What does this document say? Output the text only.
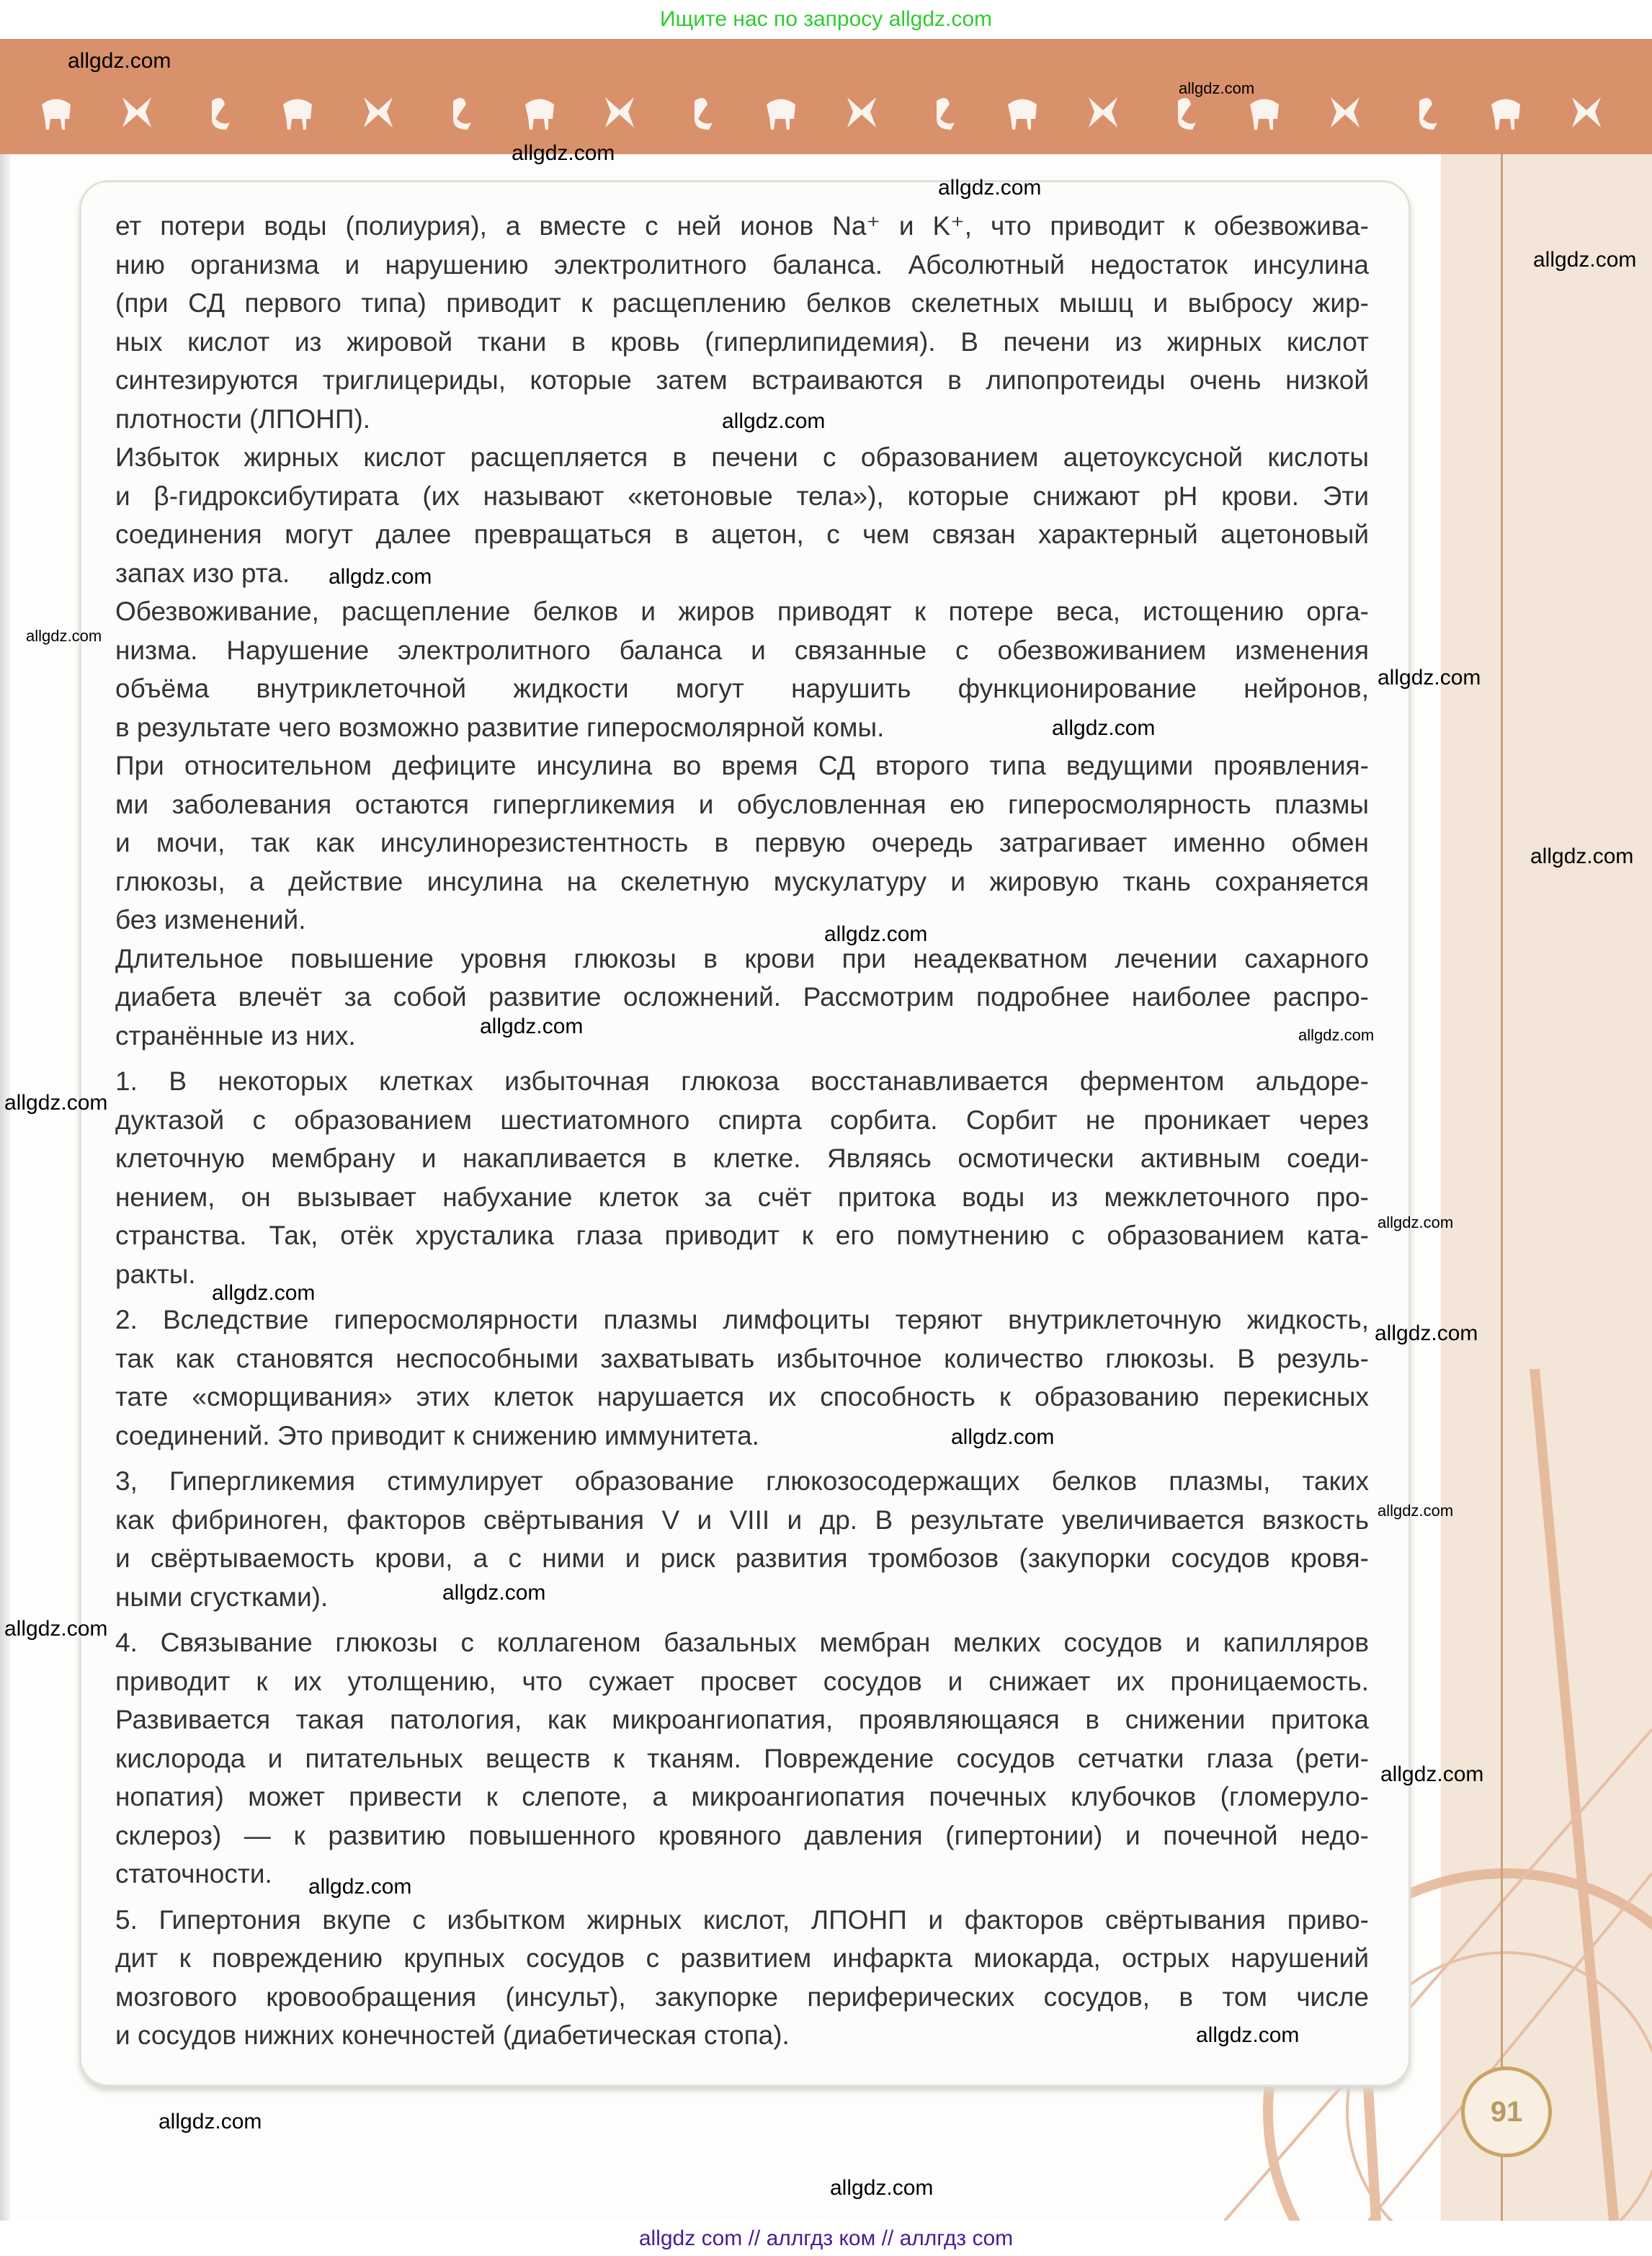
Ищите нас по запросу allgdz.com
ет потери воды (полиурия), а вместе с ней ионов Na⁺ и K⁺, что приводит к обезвожива-
нию организма и нарушению электролитного баланса. Абсолютный недостаток инсулина
(при СД первого типа) приводит к расщеплению белков скелетных мышц и выбросу жир-
ных кислот из жировой ткани в кровь (гиперлипидемия). В печени из жирных кислот
синтезируются триглицериды, которые затем встраиваются в липопротеиды очень низкой
плотности (ЛПОНП).
Избыток жирных кислот расщепляется в печени с образованием ацетоуксусной кислоты
и β-гидроксибутирата (их называют «кетоновые тела»), которые снижают pH крови. Эти
соединения могут далее превращаться в ацетон, с чем связан характерный ацетоновый
запах изо рта.
Обезвоживание, расщепление белков и жиров приводят к потере веса, истощению орга-
низма. Нарушение электролитного баланса и связанные с обезвоживанием изменения
объёма внутриклеточной жидкости могут нарушить функционирование нейронов,
в результате чего возможно развитие гиперосмолярной комы.
При относительном дефиците инсулина во время СД второго типа ведущими проявления-
ми заболевания остаются гипергликемия и обусловленная ею гиперосмолярность плазмы
и мочи, так как инсулинорезистентность в первую очередь затрагивает именно обмен
глюкозы, а действие инсулина на скелетную мускулатуру и жировую ткань сохраняется
без изменений.
Длительное повышение уровня глюкозы в крови при неадекватном лечении сахарного
диабета влечёт за собой развитие осложнений. Рассмотрим подробнее наиболее распро-
странённые из них.
1. В некоторых клетках избыточная глюкоза восстанавливается ферментом альдоре-
дуктазой с образованием шестиатомного спирта сорбита. Сорбит не проникает через
клеточную мембрану и накапливается в клетке. Являясь осмотически активным соеди-
нением, он вызывает набухание клеток за счёт притока воды из межклеточного про-
странства. Так, отёк хрусталика глаза приводит к его помутнению с образованием ката-
ракты.
2. Вследствие гиперосмолярности плазмы лимфоциты теряют внутриклеточную жидкость,
так как становятся неспособными захватывать избыточное количество глюкозы. В резуль-
тате «сморщивания» этих клеток нарушается их способность к образованию перекисных
соединений. Это приводит к снижению иммунитета.
3, Гипергликемия стимулирует образование глюкозосодержащих белков плазмы, таких
как фибриноген, факторов свёртывания V и VIII и др. В результате увеличивается вязкость
и свёртываемость крови, а с ними и риск развития тромбозов (закупорки сосудов кровя-
ными сгустками).
4. Связывание глюкозы с коллагеном базальных мембран мелких сосудов и капилляров
приводит к их утолщению, что сужает просвет сосудов и снижает их проницаемость.
Развивается такая патология, как микроангиопатия, проявляющаяся в снижении притока
кислорода и питательных веществ к тканям. Повреждение сосудов сетчатки глаза (рети-
нопатия) может привести к слепоте, а микроангиопатия почечных клубочков (гломеруло-
склероз) — к развитию повышенного кровяного давления (гипертонии) и почечной недо-
статочности.
5. Гипертония вкупе с избытком жирных кислот, ЛПОНП и факторов свёртывания приво-
дит к повреждению крупных сосудов с развитием инфаркта миокарда, острых нарушений
мозгового кровообращения (инсульт), закупорке периферических сосудов, в том числе
и сосудов нижних конечностей (диабетическая стопа).
91
allgdz.com
allgdz.com
allgdz.com
allgdz.com
allgdz.com
allgdz.com
allgdz.com
allgdz.com
allgdz.com
allgdz.com
allgdz.com
allgdz.com
allgdz.com	allgdz.com
allgdz.com
allgdz.com
allgdz.com
allgdz.com
allgdz.com
allgdz.com
allgdz.com
allgdz.com
allgdz.com
allgdz.com
allgdz.com
allgdz.com
allgdz.com
allgdz com // аллгдз ком // аллгдз com
